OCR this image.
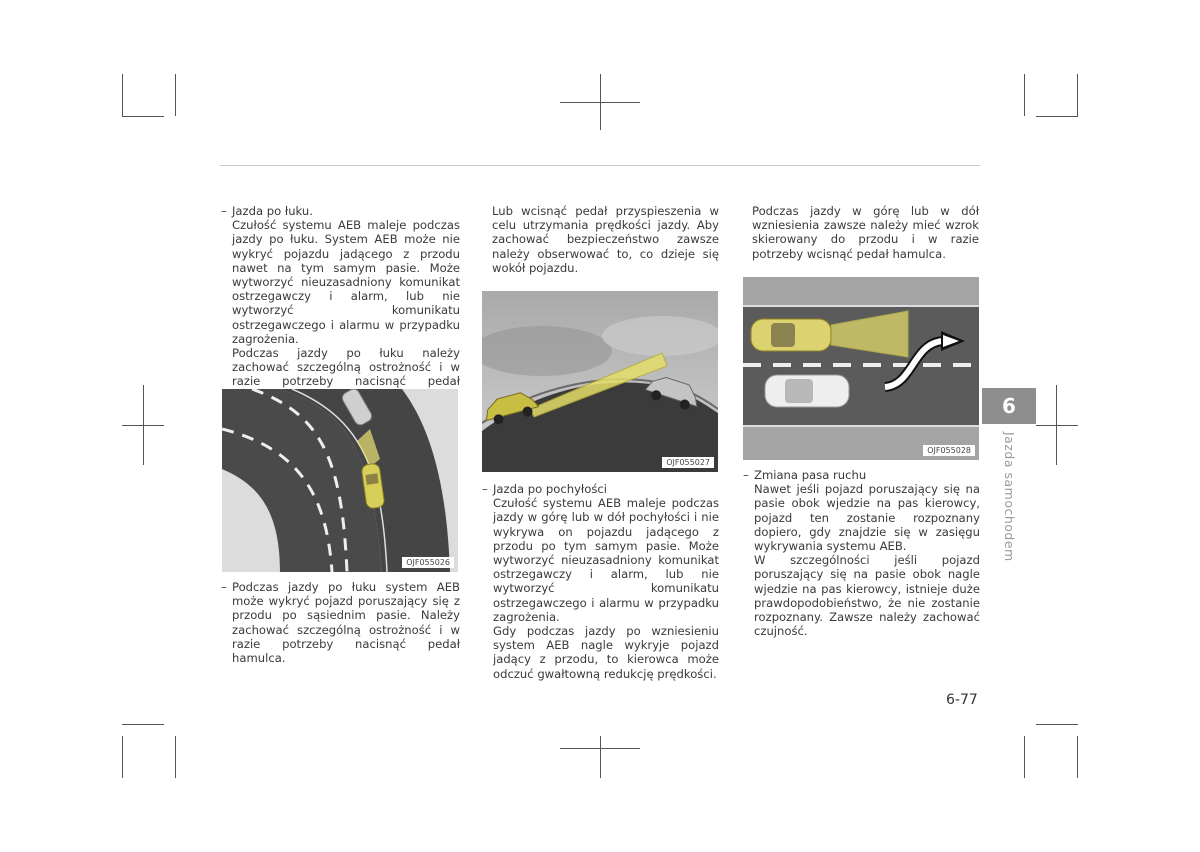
– Jazda po łuku.

Czułość systemu AEB maleje podczas jazdy po łuku. System AEB może nie wykryć pojazdu jadącego z przodu nawet na tym samym pasie. Może wytworzyć nieuzasadniony komunikat ostrzegawczy i alarm, lub nie wytworzyć komunikatu ostrzegawczego i alarmu w przypadku zagrożenia.

Podczas jazdy po łuku należy zachować szczególną ostrożność i w razie potrzeby nacisnąć pedał

OJF055026
– Podczas jazdy po łuku system AEB może wykryć pojazd poruszający się z przodu po sąsiednim pasie. Należy zachować szczególną ostrożność i w razie potrzeby nacisnąć pedał hamulca.

Lub wcisnąć pedał przyspieszenia w celu utrzymania prędkości jazdy. Aby zachować bezpieczeństwo zawsze należy obserwować to, co dzieje się wokół pojazdu.

OJF055027
– Jazda po pochyłości

Czułość systemu AEB maleje podczas jazdy w górę lub w dół pochyłości i nie wykrywa on pojazdu jadącego z przodu po tym samym pasie. Może wytworzyć nieuzasadniony komunikat ostrzegawczy i alarm, lub nie wytworzyć komunikatu ostrzegawczego i alarmu w przypadku zagrożenia.

Gdy podczas jazdy po wzniesieniu system AEB nagle wykryje pojazd jadący z przodu, to kierowca może odczuć gwałtowną redukcję prędkości.

Podczas jazdy w górę lub w dół wzniesienia zawsze należy mieć wzrok skierowany do przodu i w razie potrzeby wcisnąć pedał hamulca.

OJF055028
– Zmiana pasa ruchu

Nawet jeśli pojazd poruszający się na pasie obok wjedzie na pas kierowcy, pojazd ten zostanie rozpoznany dopiero, gdy znajdzie się w zasięgu wykrywania systemu AEB.

W szczególności jeśli pojazd poruszający się na pasie obok nagle wjedzie na pas kierowcy, istnieje duże prawdopodobieństwo, że nie zostanie rozpoznany. Zawsze należy zachować czujność.

6
Jazda samochodem
6-77
